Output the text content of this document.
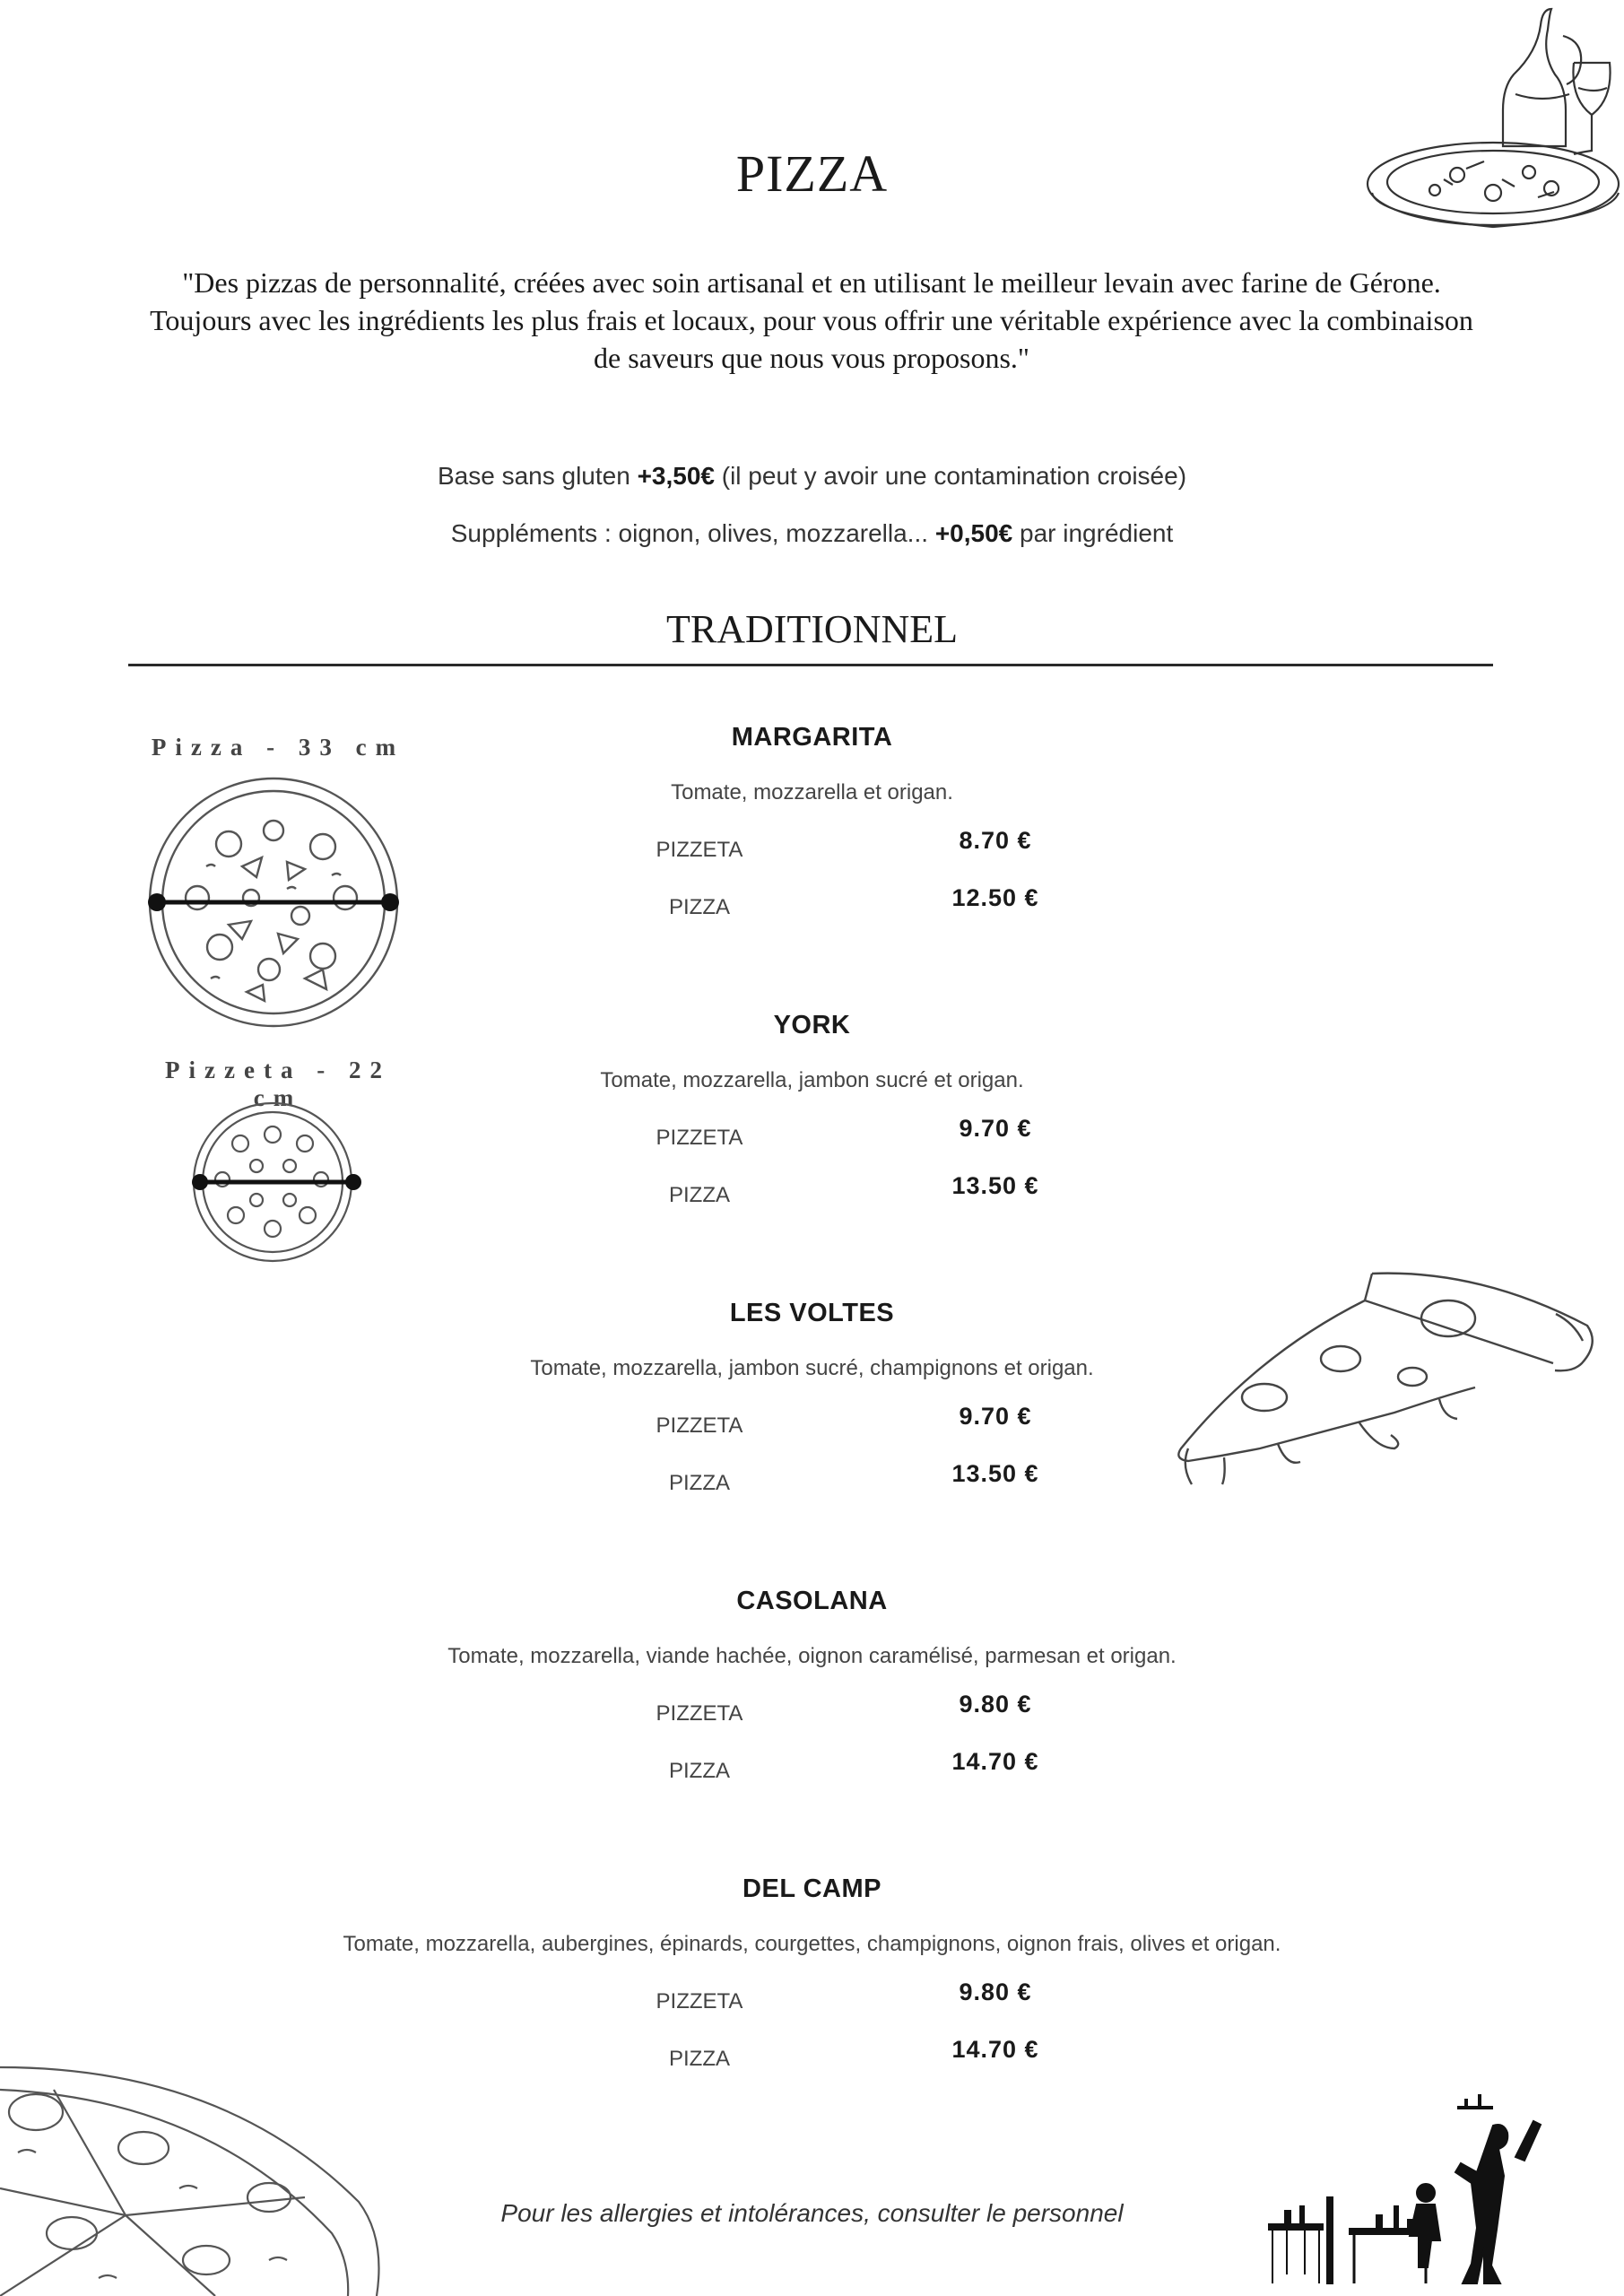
PIZZA
"Des pizzas de personnalité, créées avec soin artisanal et en utilisant le meilleur levain avec farine de Gérone. Toujours avec les ingrédients les plus frais et locaux, pour vous offrir une véritable expérience avec la combinaison de saveurs que nous vous proposons."
Base sans gluten +3,50€ (il peut y avoir une contamination croisée)
Suppléments : oignon, olives, mozzarella... +0,50€ par ingrédient
TRADITIONNEL
Pizza - 33 cm
Pizzeta - 22 cm
MARGARITA
Tomate, mozzarella et origan.
PIZZETA	8.70 €
PIZZA	12.50 €
YORK
Tomate, mozzarella, jambon sucré et origan.
PIZZETA	9.70 €
PIZZA	13.50 €
LES VOLTES
Tomate, mozzarella, jambon sucré, champignons et origan.
PIZZETA	9.70 €
PIZZA	13.50 €
CASOLANA
Tomate, mozzarella, viande hachée, oignon caramélisé, parmesan et origan.
PIZZETA	9.80 €
PIZZA	14.70 €
DEL CAMP
Tomate, mozzarella, aubergines, épinards, courgettes, champignons, oignon frais, olives et origan.
PIZZETA	9.80 €
PIZZA	14.70 €
Pour les allergies et intolérances, consulter le personnel
